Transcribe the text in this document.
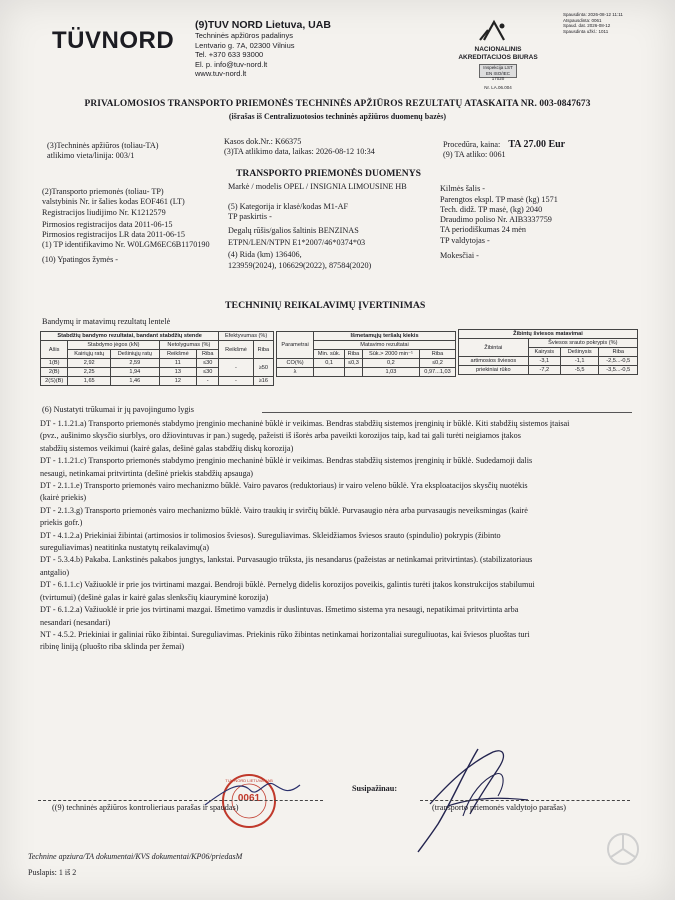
TÜVNORD
(9)TUV NORD Lietuva, UAB
Techninės apžiūros padalinys
Lentvario g. 7A, 02300 Vilnius
Tel. +370 633 93000
El. p. info@tuv-nord.lt
www.tuv-nord.lt
NACIONALINIS
AKREDITACIJOS BIURAS
Inspekcija LST EN ISO/IEC 17020
Nr. LA.06.004
Spausdinta: 2026-08-12 11:11
Atspausdinta: 0061
Spaud. dat. 2026-08-12
Spausdinta užkl.: 1011
PRIVALOMOSIOS TRANSPORTO PRIEMONĖS TECHNINĖS APŽIŪROS REZULTATŲ ATASKAITA NR. 003-0847673
(išrašas iš Centralizuotosios techninės apžiūros duomenų bazės)
(3)Techninės apžiūros (toliau-TA)
atlikimo vieta/linija: 003/1
Kasos dok.Nr.: K66375
(3)TA atlikimo data, laikas: 2026-08-12 10:34
Procedūra, kaina: TA 27.00 Eur
(9) TA atliko: 0061
TRANSPORTO PRIEMONĖS DUOMENYS
(2)Transporto priemonės (toliau- TP)
valstybinis Nr. ir šalies kodas EOF461 (LT)
Registracijos liudijimo Nr. K1212579
Pirmosios registracijos data 2011-06-15
Pirmosios registracijos LR data 2011-06-15
(1) TP identifikavimo Nr. W0LGM6EC6B1170190
(10) Ypatingos žymės -
Markė / modelis OPEL / INSIGNIA LIMOUSINE HB
(5) Kategorija ir klasė/kodas M1-AF
TP paskirtis -
Degalų rūšis/galios šaltinis BENZINAS
ETPN/LEN/NTPN E1*2007/46*0374*03
(4) Rida (km) 136406,
123959(2024), 106629(2022), 87584(2020)
Kilmės šalis -
Parengtos ekspl. TP masė (kg) 1571
Tech. didž. TP masė, (kg) 2040
Draudimo poliso Nr. AIB3337759
TA periodiškumas 24 mėn
TP valdytojas -
Mokesčiai -
TECHNINIŲ REIKALAVIMŲ ĮVERTINIMAS
Bandymų ir matavimų rezultatų lentelė
Stabdžių bandymo rezultatai, bandant stabdžių stende					Efektyvumas (%)	
Ašis	Stabdymo jėgos (kN)		Netolygumas (%)		Reikšmė	Riba
	Kairiųjų ratų	Dešiniųjų ratų	Reikšmė	Riba		
1(B)	2,92	2,59	11	≤30	-	≥50
2(B)	2,25	1,94	13	≤30		
2(S)(B)	1,65	1,46	12	-	-	≥16
Parametrai	Išmetamųjų teršalų kiekis			
	Matavimo rezultatai			
	Min. sūk.	Riba	Sūk.> 2000 min⁻¹	Riba
CO(%)	0,1	≤0,3	0,2	≤0,2
λ			1,03	0,97...1,03
Žibintų šviesos matavimai			
Žibintai	Šviesos srauto pokrypis (%)		
	Kairysis	Dešinysis	Riba
artimosios šviesos	-3,1	-1,1	-2,5...-0,5
priekiniai rūko	-7,2	-5,5	-3,5...-0,5
(6) Nustatyti trūkumai ir jų pavojingumo lygis
DT - 1.1.21.a) Transporto priemonės stabdymo įrenginio mechaninė būklė ir veikimas. Bendras stabdžių sistemos įrenginių ir būklė. Kiti stabdžių sistemos įtaisai
(pvz., aušinimo skysčio siurblys, oro džiovintuvas ir pan.) sugedę, pažeisti iš išorės arba paveikti korozijos taip, kad tai gali turėti neigiamos įtakos
stabdžių sistemos veikimui (kairė galas, dešinė galas stabdžių diskų korozija)
DT - 1.1.21.c) Transporto priemonės stabdymo įrenginio mechaninė būklė ir veikimas. Bendras stabdžių sistemos įrenginių ir būklė. Sudedamoji dalis
nesaugi, netinkamai pritvirtinta (dešinė priekis stabdžių apsauga)
DT - 2.1.1.e) Transporto priemonės vairo mechanizmo būklė. Vairo pavaros (reduktoriaus) ir vairo veleno būklė. Yra eksploatacijos skysčių nuotėkis
(kairė priekis)
DT - 2.1.3.g) Transporto priemonės vairo mechanizmo būklė. Vairo traukių ir svirčių būklė. Purvasaugio nėra arba purvasaugis neveiksmingas (kairė
priekis gofr.)
DT - 4.1.2.a) Priekiniai žibintai (artimosios ir tolimosios šviesos). Sureguliavimas. Skleidžiamos šviesos srauto (spindulio) pokrypis (žibinto
sureguliavimas) neatitinka nustatytų reikalavimų(a)
DT - 5.3.4.b) Pakaba. Lankstinės pakabos jungtys, lankstai. Purvasaugio trūksta, jis nesandarus (pažeistas ar netinkamai pritvirtintas). (stabilizatoriaus
antgalio)
DT - 6.1.1.c) Važiuoklė ir prie jos tvirtinami mazgai. Bendroji būklė. Pernelyg didelis korozijos poveikis, galintis turėti įtakos konstrukcijos stabilumui
(tvirtumui) (dešinė galas ir kairė galas slenksčių kiauryminė korozija)
DT - 6.1.2.a) Važiuoklė ir prie jos tvirtinami mazgai. Išmetimo vamzdis ir duslintuvas. Išmetimo sistema yra nesaugi, nepatikimai pritvirtinta arba
nesandari (nesandari)
NT - 4.5.2. Priekiniai ir galiniai rūko žibintai. Sureguliavimas. Priekinis rūko žibintas netinkamai horizontaliai sureguliuotas, kai šviesos pluoštas turi
ribinę liniją (pluošto riba sklinda per žemai)
Susipažinau:
0061
TUV NORD LIETUVA UAB
((9) techninės apžiūros kontrolieriaus parašas ir spaudas)	(transporto priemonės valdytojo parašas)
Technine apziura/TA dokumentai/KVS dokumentai/KP06/priedasM
Puslapis: 1 iš 2
